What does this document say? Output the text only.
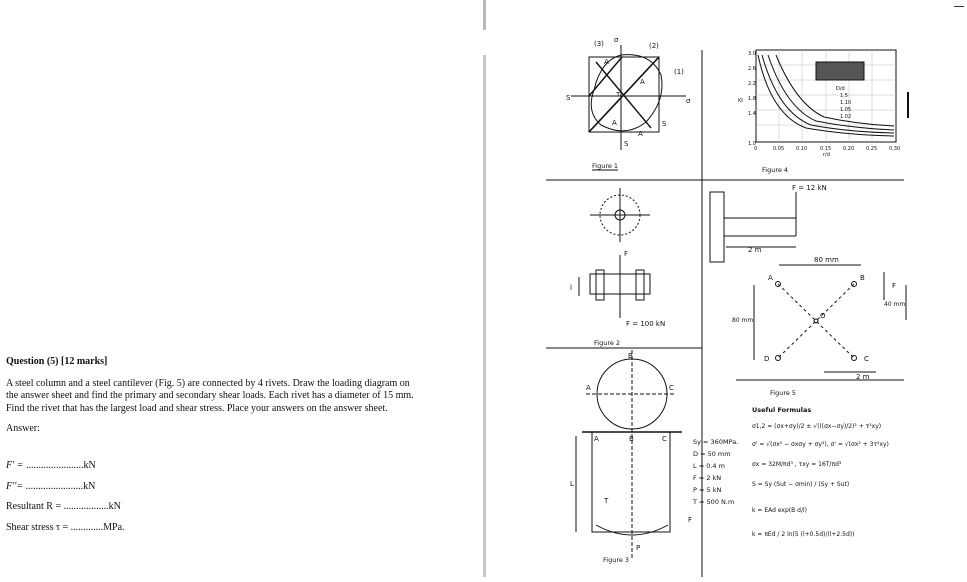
Question (5) [12 marks]

A steel column and a steel cantilever (Fig. 5) are connected by 4 rivets. Draw the loading diagram on the answer sheet and find the primary and secondary shear loads. Each rivet has a diameter of 15 mm. Find the rivet that has the largest load and shear stress. Place your answers on the answer sheet.

Answer:
F' = .......................kN
F''= .......................kN
Resultant R = ..................kN
Shear stress τ = .............MPa.
(3) σ
(2)
(1)
σ
A
S
A	S
S
τ
A
A
Figure 1
F
F = 100 kN
l
Figure 2
B
A	C
A	B	C
L
T
F
P
Sy = 360MPa.
D = 50 mm
L = 0.4 m
F = 2 kN
P = 5 kN
T = 500 N.m
Figure 3
3.0
2.6
2.2
1.8
1.4
1.0
0	0.05 0.10	0.15 0.20 0.25 0.30
Kt
r/d
D/d
1.5
1.10
1.05
1.02
Figure 4
F = 12 kN
2 m
80 mm
40 mm
80 mm
2 m
A	B
C
D
O
F
Figure 5
Useful Formulas
σ1,2 = (σx+σy)/2 ± √(((σx−σy)/2)² + τ²xy)
σ' = √(σx² − σxσy + σy²), σ' = √(σx² + 3τ²xy)
σx = 32M/πd³ , τxy = 16T/πd³
S = Sy (Sut − σmin) / (Sy + Sut)
k = EAd exp(B d/l)
k = πEd / 2 ln(5 (l+0.5d)/(l+2.5d))
